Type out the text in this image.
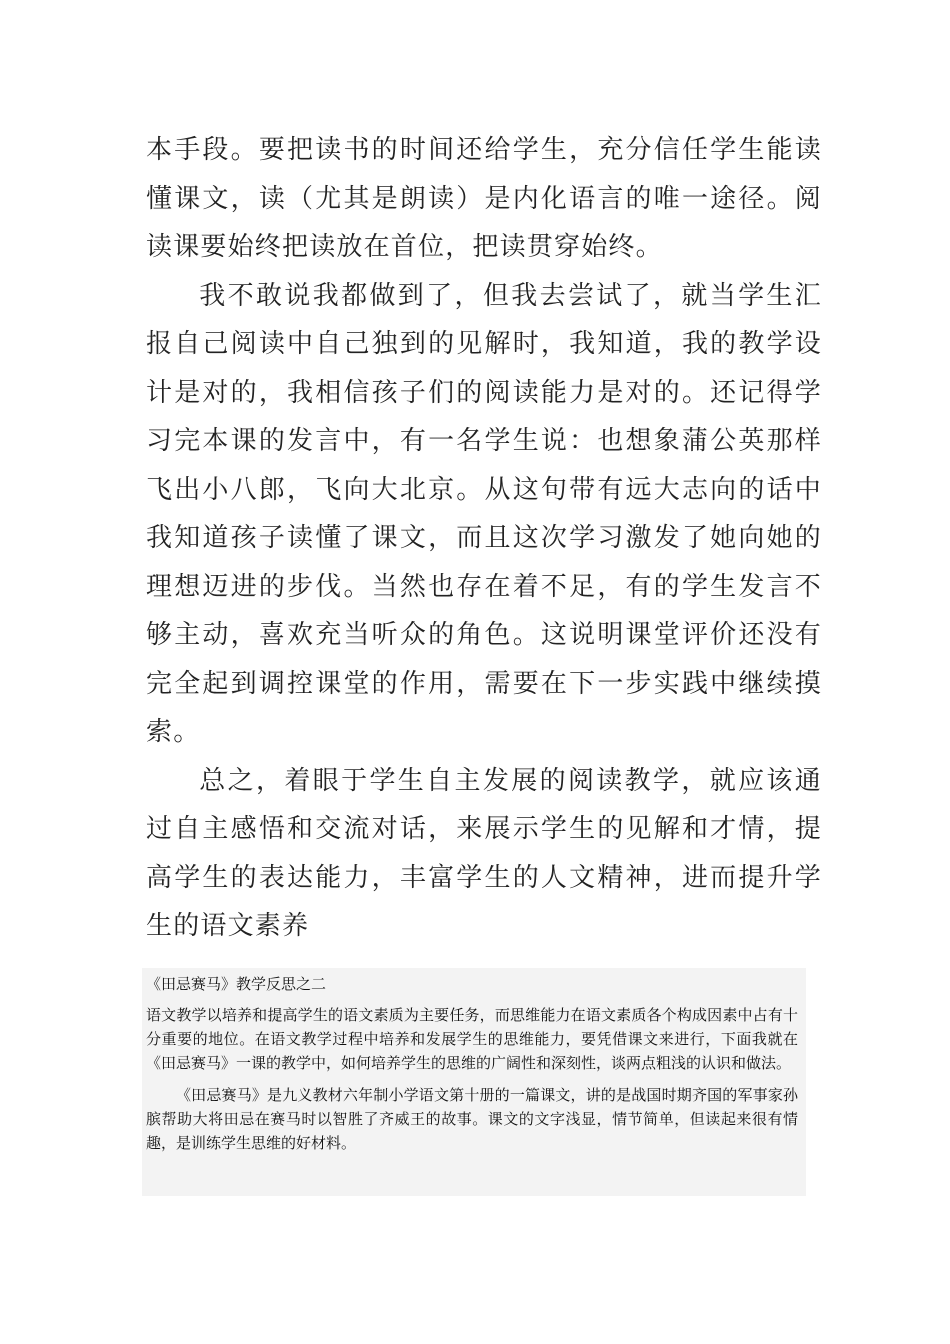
本手段。要把读书的时间还给学生，充分信任学生能读懂课文，读（尤其是朗读）是内化语言的唯一途径。阅读课要始终把读放在首位，把读贯穿始终。

我不敢说我都做到了，但我去尝试了，就当学生汇报自己阅读中自己独到的见解时，我知道，我的教学设计是对的，我相信孩子们的阅读能力是对的。还记得学习完本课的发言中，有一名学生说：也想象蒲公英那样飞出小八郎，飞向大北京。从这句带有远大志向的话中我知道孩子读懂了课文，而且这次学习激发了她向她的理想迈进的步伐。当然也存在着不足，有的学生发言不够主动，喜欢充当听众的角色。这说明课堂评价还没有完全起到调控课堂的作用，需要在下一步实践中继续摸索。

总之，着眼于学生自主发展的阅读教学，就应该通过自主感悟和交流对话，来展示学生的见解和才情，提高学生的表达能力，丰富学生的人文精神，进而提升学生的语文素养

《田忌赛马》教学反思之二

语文教学以培养和提高学生的语文素质为主要任务，而思维能力在语文素质各个构成因素中占有十分重要的地位。在语文教学过程中培养和发展学生的思维能力，要凭借课文来进行，下面我就在《田忌赛马》一课的教学中，如何培养学生的思维的广阔性和深刻性，谈两点粗浅的认识和做法。

《田忌赛马》是九义教材六年制小学语文第十册的一篇课文，讲的是战国时期齐国的军事家孙膑帮助大将田忌在赛马时以智胜了齐威王的故事。课文的文字浅显，情节简单，但读起来很有情趣，是训练学生思维的好材料。
